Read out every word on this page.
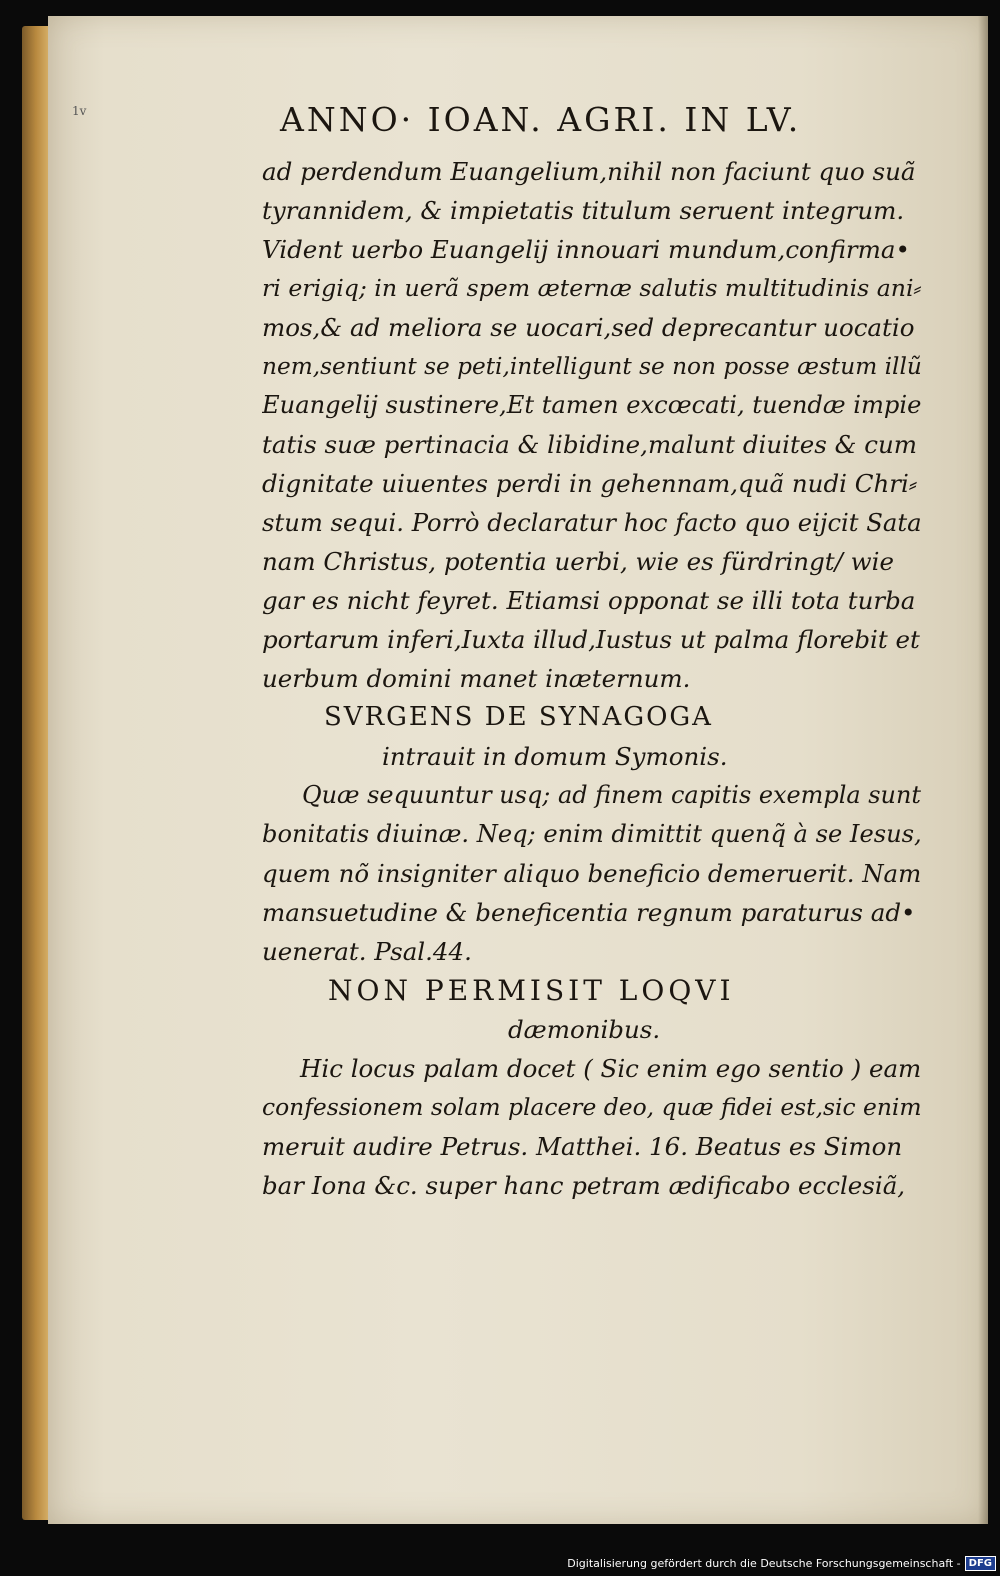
1v	ANNO· IOAN. AGRI. IN LV.
ad perdendum Euangelium,nihil non faciunt quo suã
tyrannidem, & impietatis titulum seruent integrum.
Vident uerbo Euangelij innouari mundum,confirma•
ri erigiq; in uerã spem æternæ salutis multitudinis ani⸗
mos,& ad meliora se uocari,sed deprecantur uocatio
nem,sentiunt se peti,intelligunt se non posse æstum illũ
Euangelij sustinere,Et tamen excœcati, tuendæ impie
tatis suæ pertinacia & libidine,malunt diuites & cum
dignitate uiuentes perdi in gehennam,quã nudi Chri⸗
stum sequi. Porrò declaratur hoc facto quo eijcit Sata
nam Christus, potentia uerbi, wie es fürdringt/ wie
gar es nicht feyret. Etiamsi opponat se illi tota turba
portarum inferi,Iuxta illud,Iustus ut palma florebit et
uerbum domini manet inæternum.
SVRGENS DE SYNAGOGA
intrauit in domum Symonis.
Quæ sequuntur usq; ad finem capitis exempla sunt
bonitatis diuinæ. Neq; enim dimittit quenq̃ à se Iesus,
quem nõ insigniter aliquo beneficio demeruerit. Nam
mansuetudine & beneficentia regnum paraturus ad•
uenerat. Psal.44.
NON PERMISIT LOQVI
dæmonibus.
Hic locus palam docet ( Sic enim ego sentio ) eam
confessionem solam placere deo, quæ fidei est,sic enim
meruit audire Petrus. Matthei. 16. Beatus es Simon
bar Iona &c. super hanc petram ædificabo ecclesiã,
Digitalisierung gefördert durch die Deutsche Forschungsgemeinschaft - DFG
